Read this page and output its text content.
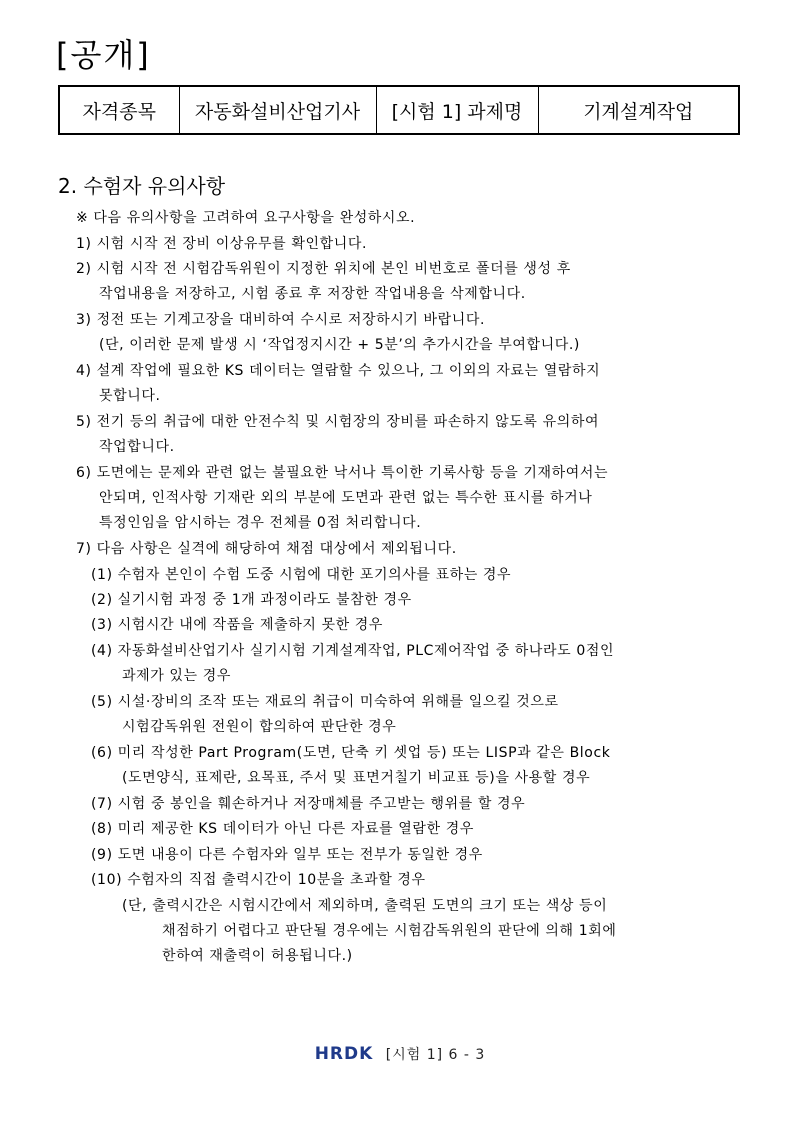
[공개]
자격종목	자동화설비산업기사	[시험 1] 과제명	기계설계작업
2. 수험자 유의사항
※ 다음 유의사항을 고려하여 요구사항을 완성하시오.
1) 시험 시작 전 장비 이상유무를 확인합니다.
2) 시험 시작 전 시험감독위원이 지정한 위치에 본인 비번호로 폴더를 생성 후
작업내용을 저장하고, 시험 종료 후 저장한 작업내용을 삭제합니다.
3) 정전 또는 기계고장을 대비하여 수시로 저장하시기 바랍니다.
(단, 이러한 문제 발생 시 ‘작업정지시간 + 5분’의 추가시간을 부여합니다.)
4) 설계 작업에 필요한 KS 데이터는 열람할 수 있으나, 그 이외의 자료는 열람하지
못합니다.
5) 전기 등의 취급에 대한 안전수칙 및 시험장의 장비를 파손하지 않도록 유의하여
작업합니다.
6) 도면에는 문제와 관련 없는 불필요한 낙서나 특이한 기록사항 등을 기재하여서는
안되며, 인적사항 기재란 외의 부분에 도면과 관련 없는 특수한 표시를 하거나
특정인임을 암시하는 경우 전체를 0점 처리합니다.
7) 다음 사항은 실격에 해당하여 채점 대상에서 제외됩니다.
(1) 수험자 본인이 수험 도중 시험에 대한 포기의사를 표하는 경우
(2) 실기시험 과정 중 1개 과정이라도 불참한 경우
(3) 시험시간 내에 작품을 제출하지 못한 경우
(4) 자동화설비산업기사 실기시험 기계설계작업, PLC제어작업 중 하나라도 0점인
과제가 있는 경우
(5) 시설·장비의 조작 또는 재료의 취급이 미숙하여 위해를 일으킬 것으로
시험감독위원 전원이 합의하여 판단한 경우
(6) 미리 작성한 Part Program(도면, 단축 키 셋업 등) 또는 LISP과 같은 Block
(도면양식, 표제란, 요목표, 주서 및 표면거칠기 비교표 등)을 사용할 경우
(7) 시험 중 봉인을 훼손하거나 저장매체를 주고받는 행위를 할 경우
(8) 미리 제공한 KS 데이터가 아닌 다른 자료를 열람한 경우
(9) 도면 내용이 다른 수험자와 일부 또는 전부가 동일한 경우
(10) 수험자의 직접 출력시간이 10분을 초과할 경우
(단, 출력시간은 시험시간에서 제외하며, 출력된 도면의 크기 또는 색상 등이
채점하기 어렵다고 판단될 경우에는 시험감독위원의 판단에 의해 1회에
한하여 재출력이 허용됩니다.)
HRDK [시험 1] 6 - 3
